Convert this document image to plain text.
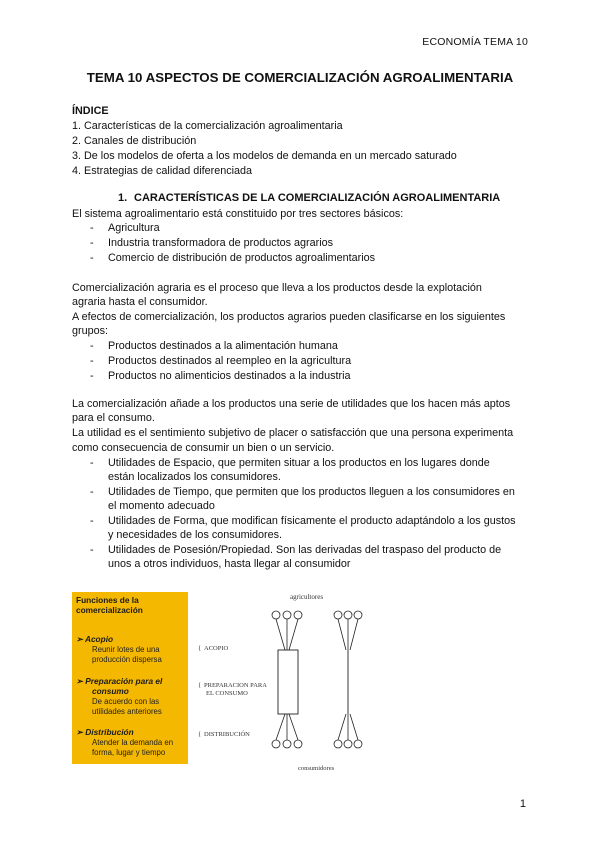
ECONOMÍA TEMA 10
TEMA 10 ASPECTOS DE COMERCIALIZACIÓN AGROALIMENTARIA
ÍNDICE
1. Características de la comercialización agroalimentaria
2. Canales de distribución
3. De los modelos de oferta a los modelos de demanda en un mercado saturado
4. Estrategias de calidad diferenciada
1. CARACTERÍSTICAS DE LA COMERCIALIZACIÓN AGROALIMENTARIA
El sistema agroalimentario está constituido por tres sectores básicos:
- Agricultura
- Industria transformadora de productos agrarios
- Comercio de distribución de productos agroalimentarios
Comercialización agraria es el proceso que lleva a los productos desde la explotación
agraria hasta el consumidor.
A efectos de comercialización, los productos agrarios pueden clasificarse en los siguientes
grupos:
- Productos destinados a la alimentación humana
- Productos destinados al reempleo en la agricultura
- Productos no alimenticios destinados a la industria
La comercialización añade a los productos una serie de utilidades que los hacen más aptos
para el consumo.
La utilidad es el sentimiento subjetivo de placer o satisfacción que una persona experimenta
como consecuencia de consumir un bien o un servicio.
- Utilidades de Espacio, que permiten situar a los productos en los lugares donde
están localizados los consumidores.
- Utilidades de Tiempo, que permiten que los productos lleguen a los consumidores en
el momento adecuado
- Utilidades de Forma, que modifican físicamente el producto adaptándolo a los gustos
y necesidades de los consumidores.
- Utilidades de Posesión/Propiedad. Son las derivadas del traspaso del producto de
unos a otros individuos, hasta llegar al consumidor
Funciones de la
comercialización
➢ Acopio
Reunir lotes de una
producción dispersa
➢ Preparación para el
consumo
De acuerdo con las
utilidades anteriores
➢ Distribución
Atender la demanda en
forma, lugar y tiempo
agricultores
{ ACOPIO
{ PREPARACION PARA
EL CONSUMO
{ DISTRIBUCIÓN
consumidores
1
